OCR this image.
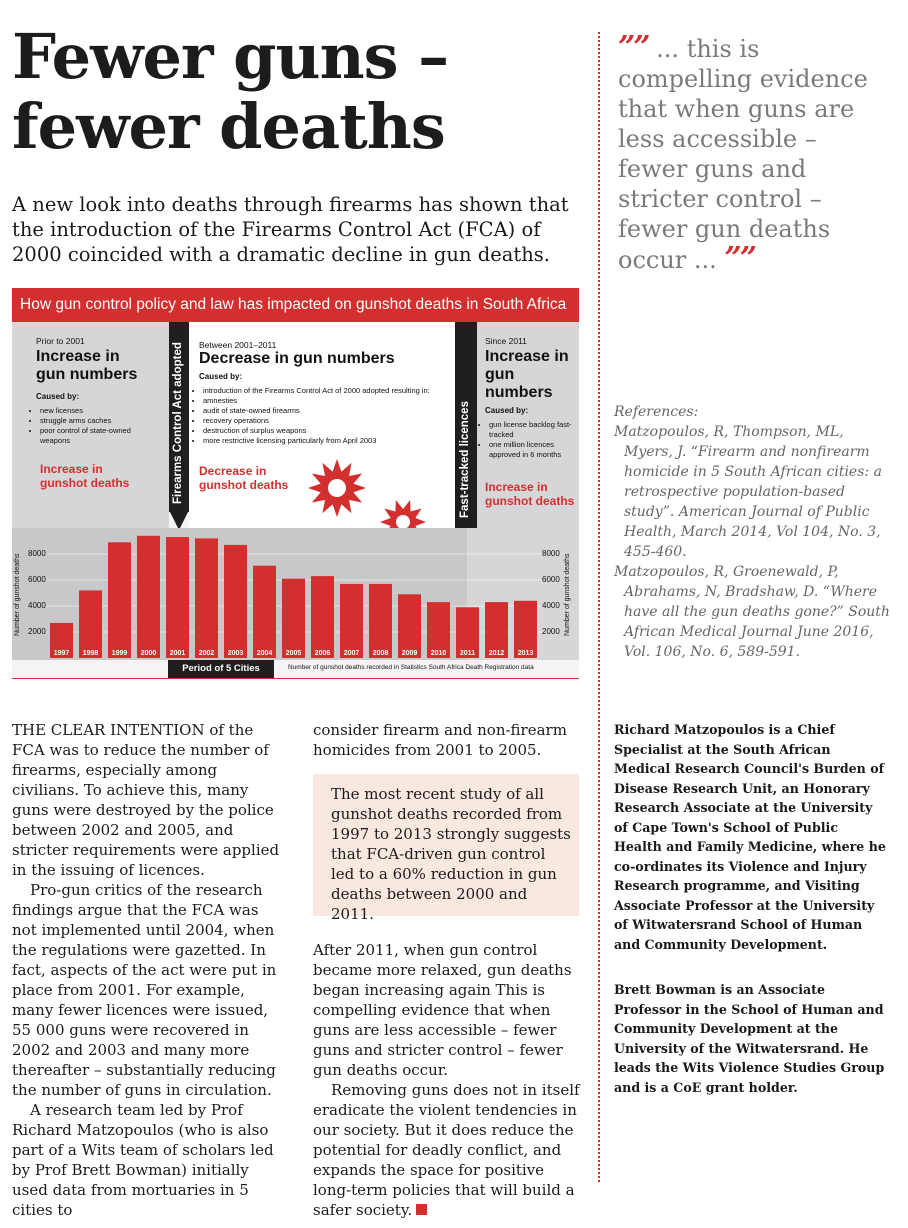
Fewer guns –
fewer deaths
A new look into deaths through firearms has shown that the introduction of the Firearms Control Act (FCA) of 2000 coincided with a dramatic decline in gun deaths.
How gun control policy and law has impacted on gunshot deaths in South Africa
Prior to 2001
Increase in gun numbers
Caused by:
• new licenses
• struggle arms caches
• poor control of state-owned weapons
Increase in gunshot deaths	Firearms Control Act adopted Between 2001–2011
Decrease in gun numbers
Caused by:
• introduction of the Firearms Control Act of 2000 adopted resulting in:
• amnesties
• audit of state-owned firearms
• recovery operations
• destruction of surplus weapons
• more restrictive licensing particularly from April 2003
Decrease in gunshot deaths	Fast-tracked licences
Since 2011
Increase in gun numbers
Caused by:
• gun license backlog fast-tracked
• one million licences approved in 6 months
Increase in gunshot deaths
1997 1998 1999 2000 2001 2002 2003 2004 2005 2006 2007 2008 2009 2010 2011 2012 2013
Number of gunshot deaths	Number of gunshot deaths
2000
4000
6000
8000
2000
4000
6000
8000
Period of 5 Cities Study
Number of gunshot deaths recorded in Statistics South Africa Death Registration data
”” ... this is compelling evidence that when guns are less accessible – fewer guns and stricter control – fewer gun deaths occur ... ””

References:

Matzopoulos, R, Thompson, ML, Myers, J. “Firearm and nonfirearm homicide in 5 South African cities: a retrospective population-based study”. American Journal of Public Health, March 2014, Vol 104, No. 3, 455-460.

Matzopoulos, R, Groenewald, P, Abrahams, N, Bradshaw, D. “Where have all the gun deaths gone?” South African Medical Journal June 2016, Vol. 106, No. 6, 589-591.

THE CLEAR INTENTION of the FCA was to reduce the number of firearms, especially among civilians. To achieve this, many guns were destroyed by the police between 2002 and 2005, and stricter requirements were applied in the issuing of licences.

Pro-gun critics of the research findings argue that the FCA was not implemented until 2004, when the regulations were gazetted. In fact, aspects of the act were put in place from 2001. For example, many fewer licences were issued, 55 000 guns were recovered in 2002 and 2003 and many more thereafter – substantially reducing the number of guns in circulation.

A research team led by Prof Richard Matzopoulos (who is also part of a Wits team of scholars led by Prof Brett Bowman) initially used data from mortuaries in 5 cities to

consider firearm and non-firearm homicides from 2001 to 2005.

The most recent study of all gunshot deaths recorded from 1997 to 2013 strongly suggests that FCA-driven gun control led to a 60% reduction in gun deaths between 2000 and 2011.

After 2011, when gun control became more relaxed, gun deaths began increasing again This is compelling evidence that when guns are less accessible – fewer guns and stricter control – fewer gun deaths occur.

Removing guns does not in itself eradicate the violent tendencies in our society. But it does reduce the potential for deadly conflict, and expands the space for positive long-term policies that will build a safer society.

Richard Matzopoulos is a Chief Specialist at the South African Medical Research Council's Burden of Disease Research Unit, an Honorary Research Associate at the University of Cape Town's School of Public Health and Family Medicine, where he co-ordinates its Violence and Injury Research programme, and Visiting Associate Professor at the University of Witwatersrand School of Human and Community Development.
Brett Bowman is an Associate Professor in the School of Human and Community Development at the University of the Witwatersrand. He leads the Wits Violence Studies Group and is a CoE grant holder.
